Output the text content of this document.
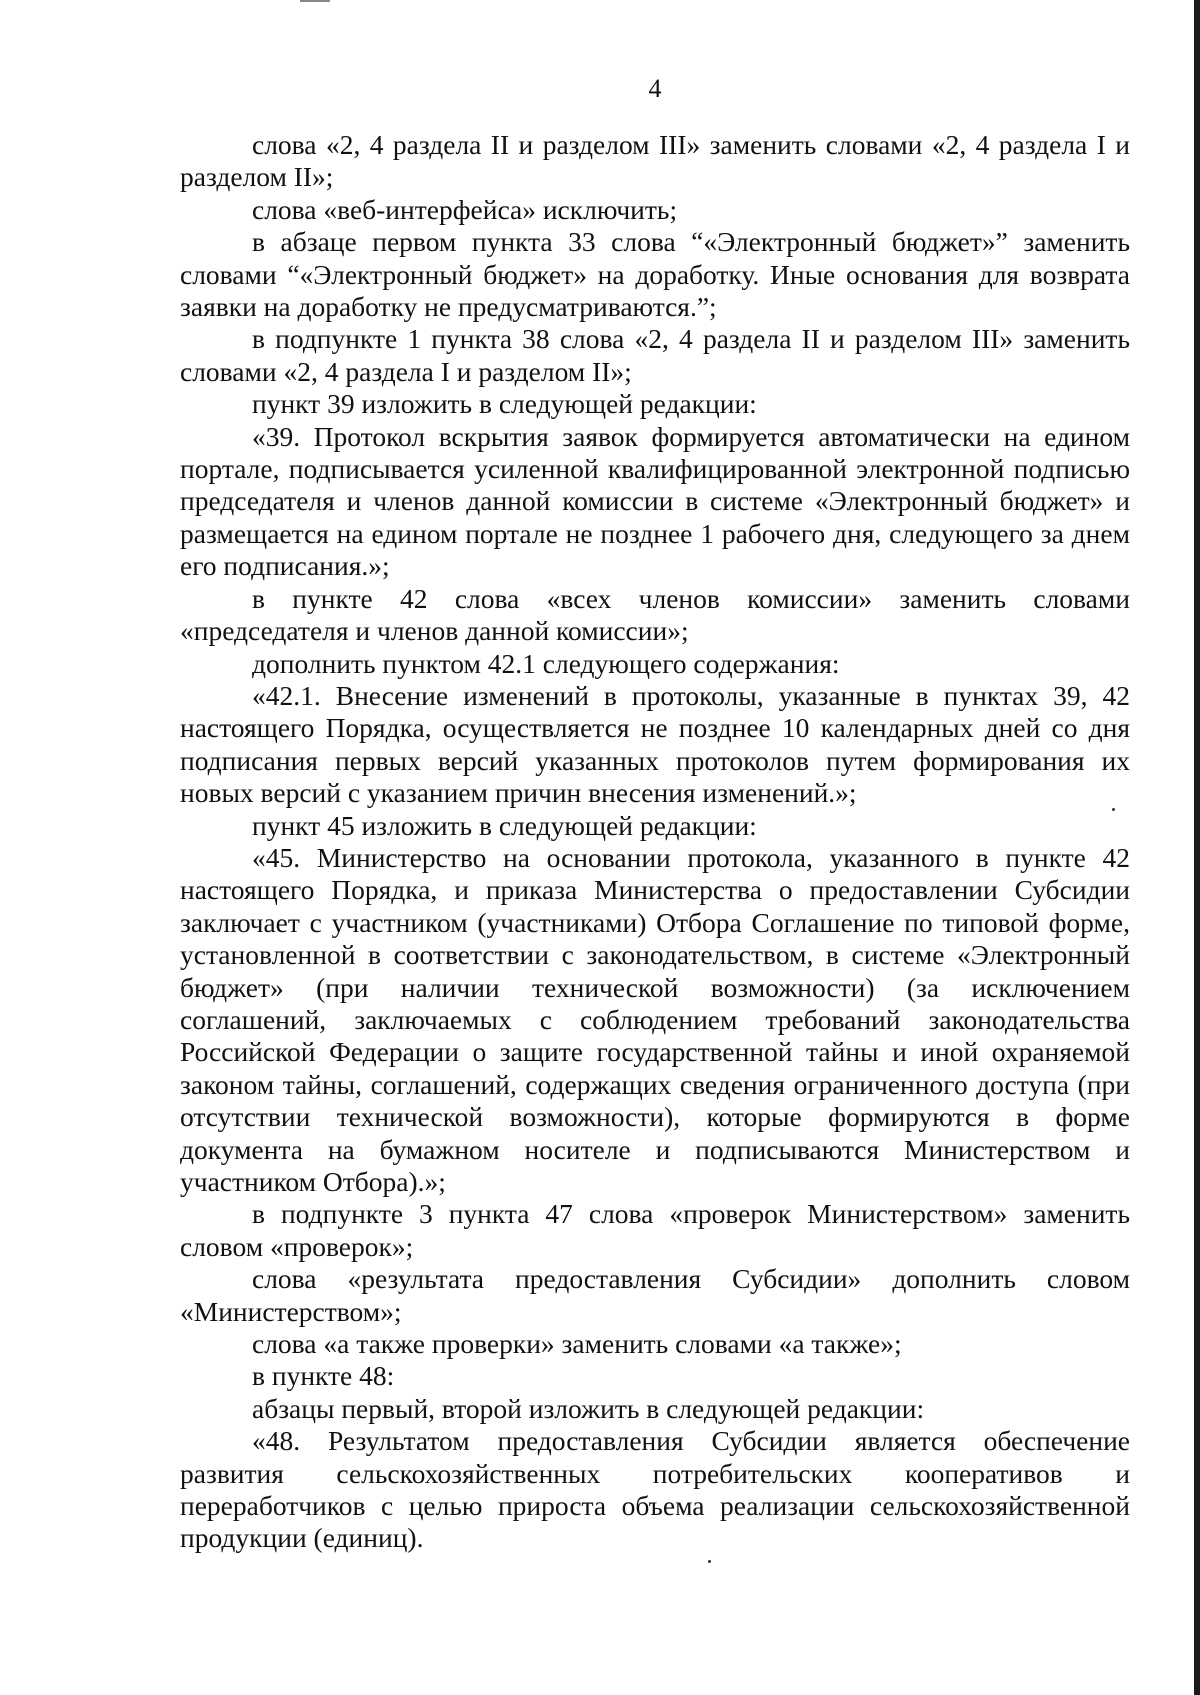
4

слова «2, 4 раздела II и разделом III» заменить словами «2, 4 раздела I и разделом II»;

слова «веб-интерфейса» исключить;

в абзаце первом пункта 33 слова “«Электронный бюджет»” заменить словами “«Электронный бюджет» на доработку. Иные основания для возврата заявки на доработку не предусматриваются.”;

в подпункте 1 пункта 38 слова «2, 4 раздела II и разделом III» заменить словами «2, 4 раздела I и разделом II»;

пункт 39 изложить в следующей редакции:

«39. Протокол вскрытия заявок формируется автоматически на едином портале, подписывается усиленной квалифицированной электронной подписью председателя и членов данной комиссии в системе «Электронный бюджет» и размещается на едином портале не позднее 1 рабочего дня, следующего за днем его подписания.»;

в пункте 42 слова «всех членов комиссии» заменить словами «председателя и членов данной комиссии»;

дополнить пунктом 42.1 следующего содержания:

«42.1. Внесение изменений в протоколы, указанные в пунктах 39, 42 настоящего Порядка, осуществляется не позднее 10 календарных дней со дня подписания первых версий указанных протоколов путем формирования их новых версий с указанием причин внесения изменений.»;

пункт 45 изложить в следующей редакции:

«45. Министерство на основании протокола, указанного в пункте 42 настоящего Порядка, и приказа Министерства о предоставлении Субсидии заключает с участником (участниками) Отбора Соглашение по типовой форме, установленной в соответствии с законодательством, в системе «Электронный бюджет» (при наличии технической возможности) (за исключением соглашений, заключаемых с соблюдением требований законодательства Российской Федерации о защите государственной тайны и иной охраняемой законом тайны, соглашений, содержащих сведения ограниченного доступа (при отсутствии технической возможности), которые формируются в форме документа на бумажном носителе и подписываются Министерством и участником Отбора).»;

в подпункте 3 пункта 47 слова «проверок Министерством» заменить словом «проверок»;

слова «результата предоставления Субсидии» дополнить словом «Министерством»;

слова «а также проверки» заменить словами «а также»;

в пункте 48:

абзацы первый, второй изложить в следующей редакции:

«48. Результатом предоставления Субсидии является обеспечение развития сельскохозяйственных потребительских кооперативов и переработчиков с целью прироста объема реализации сельскохозяйственной продукции (единиц).
